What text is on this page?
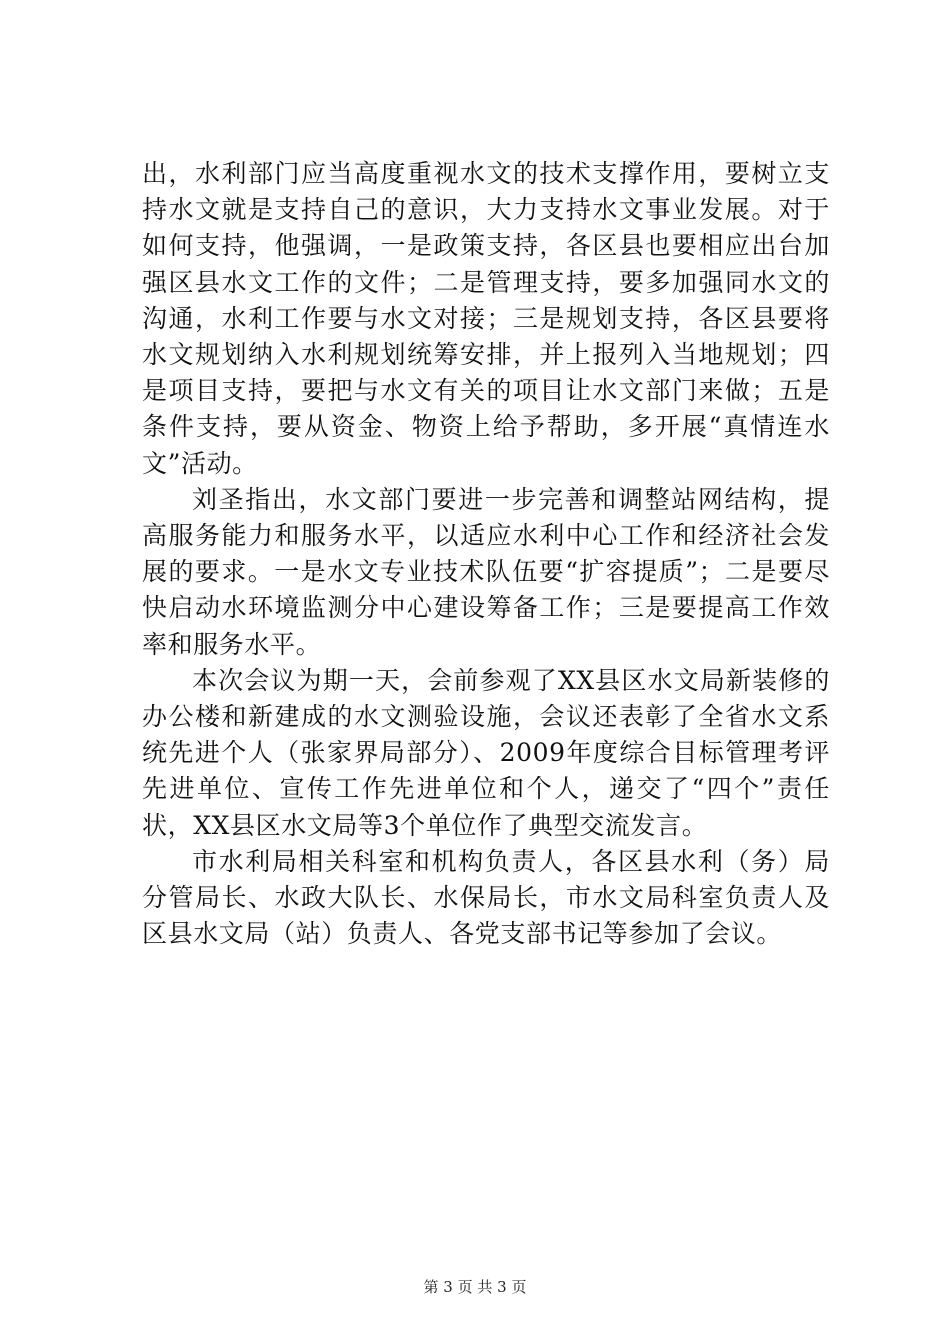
出，水利部门应当高度重视水文的技术支撑作用，要树立支持水文就是支持自己的意识，大力支持水文事业发展。对于如何支持，他强调，一是政策支持，各区县也要相应出台加强区县水文工作的文件；二是管理支持，要多加强同水文的沟通，水利工作要与水文对接；三是规划支持，各区县要将水文规划纳入水利规划统筹安排，并上报列入当地规划；四是项目支持，要把与水文有关的项目让水文部门来做；五是条件支持，要从资金、物资上给予帮助，多开展“真情连水文”活动。

刘圣指出，水文部门要进一步完善和调整站网结构，提高服务能力和服务水平，以适应水利中心工作和经济社会发展的要求。一是水文专业技术队伍要“扩容提质”；二是要尽快启动水环境监测分中心建设筹备工作；三是要提高工作效率和服务水平。

本次会议为期一天，会前参观了XX县区水文局新装修的办公楼和新建成的水文测验设施，会议还表彰了全省水文系统先进个人（张家界局部分）、2009年度综合目标管理考评先进单位、宣传工作先进单位和个人，递交了“四个”责任状，XX县区水文局等3个单位作了典型交流发言。

市水利局相关科室和机构负责人，各区县水利（务）局分管局长、水政大队长、水保局长，市水文局科室负责人及区县水文局（站）负责人、各党支部书记等参加了会议。

第 3 页 共 3 页
